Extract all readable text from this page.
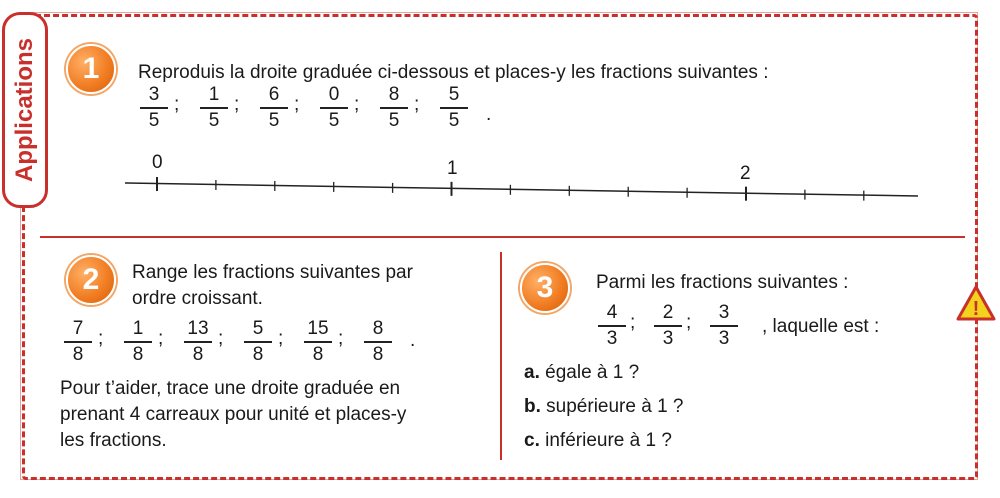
Applications 1 Reproduis la droite graduée ci-dessous et places-y les fractions suivantes :
3
5
; 1
5
; 6
5
; 0
5
; 8
5
; 5
5 .
0	1	2
2 Range les fractions suivantes par
ordre croissant.
7
8
; 1
8
; 13
8
; 5
8
; 15
8
; 8
8
.
Pour t’aider, trace une droite graduée en
prenant 4 carreaux pour unité et places-y
les fractions.
3 Parmi les fractions suivantes :
4
3
; 2
3
; 3
3
, laquelle est :
a. égale à 1 ?
b. supérieure à 1 ?
c. inférieure à 1 ?
!
